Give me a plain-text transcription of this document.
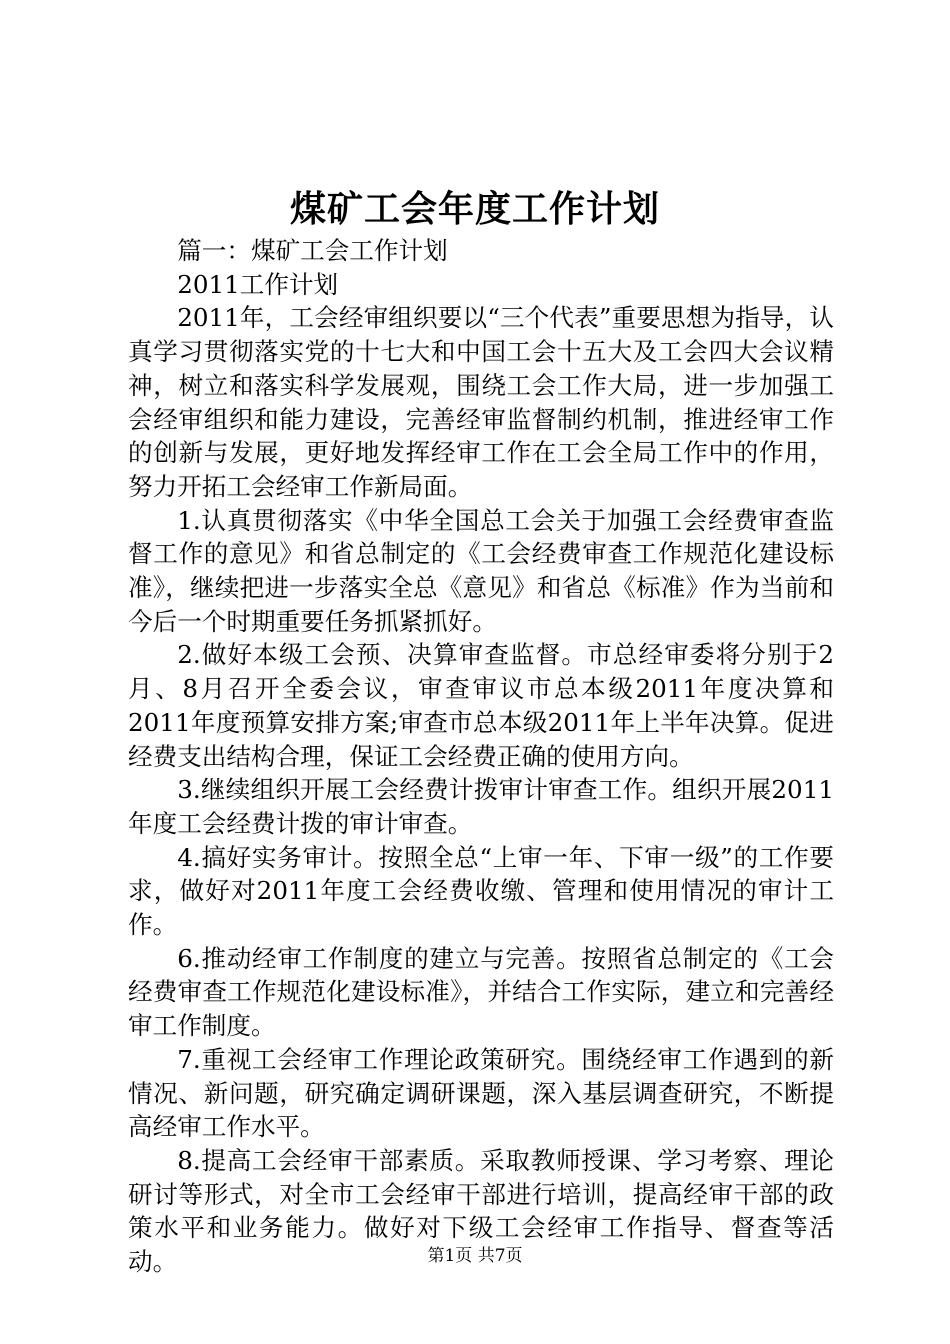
煤矿工会年度工作计划

篇一：煤矿工会工作计划

2011工作计划

2011年，工会经审组织要以“三个代表”重要思想为指导，认真学习贯彻落实党的十七大和中国工会十五大及工会四大会议精神，树立和落实科学发展观，围绕工会工作大局，进一步加强工会经审组织和能力建设，完善经审监督制约机制，推进经审工作的创新与发展，更好地发挥经审工作在工会全局工作中的作用，努力开拓工会经审工作新局面。

1.认真贯彻落实《中华全国总工会关于加强工会经费审查监督工作的意见》和省总制定的《工会经费审查工作规范化建设标准》，继续把进一步落实全总《意见》和省总《标准》作为当前和今后一个时期重要任务抓紧抓好。

2.做好本级工会预、决算审查监督。市总经审委将分别于2月、8月召开全委会议，审查审议市总本级2011年度决算和2011年度预算安排方案;审查市总本级2011年上半年决算。促进经费支出结构合理，保证工会经费正确的使用方向。

3.继续组织开展工会经费计拨审计审查工作。组织开展2011年度工会经费计拨的审计审查。

4.搞好实务审计。按照全总“上审一年、下审一级”的工作要求，做好对2011年度工会经费收缴、管理和使用情况的审计工作。

6.推动经审工作制度的建立与完善。按照省总制定的《工会经费审查工作规范化建设标准》，并结合工作实际，建立和完善经审工作制度。

7.重视工会经审工作理论政策研究。围绕经审工作遇到的新情况、新问题，研究确定调研课题，深入基层调查研究，不断提高经审工作水平。

8.提高工会经审干部素质。采取教师授课、学习考察、理论研讨等形式，对全市工会经审干部进行培训，提高经审干部的政策水平和业务能力。做好对下级工会经审工作指导、督查等活动。	第1页 共7页
